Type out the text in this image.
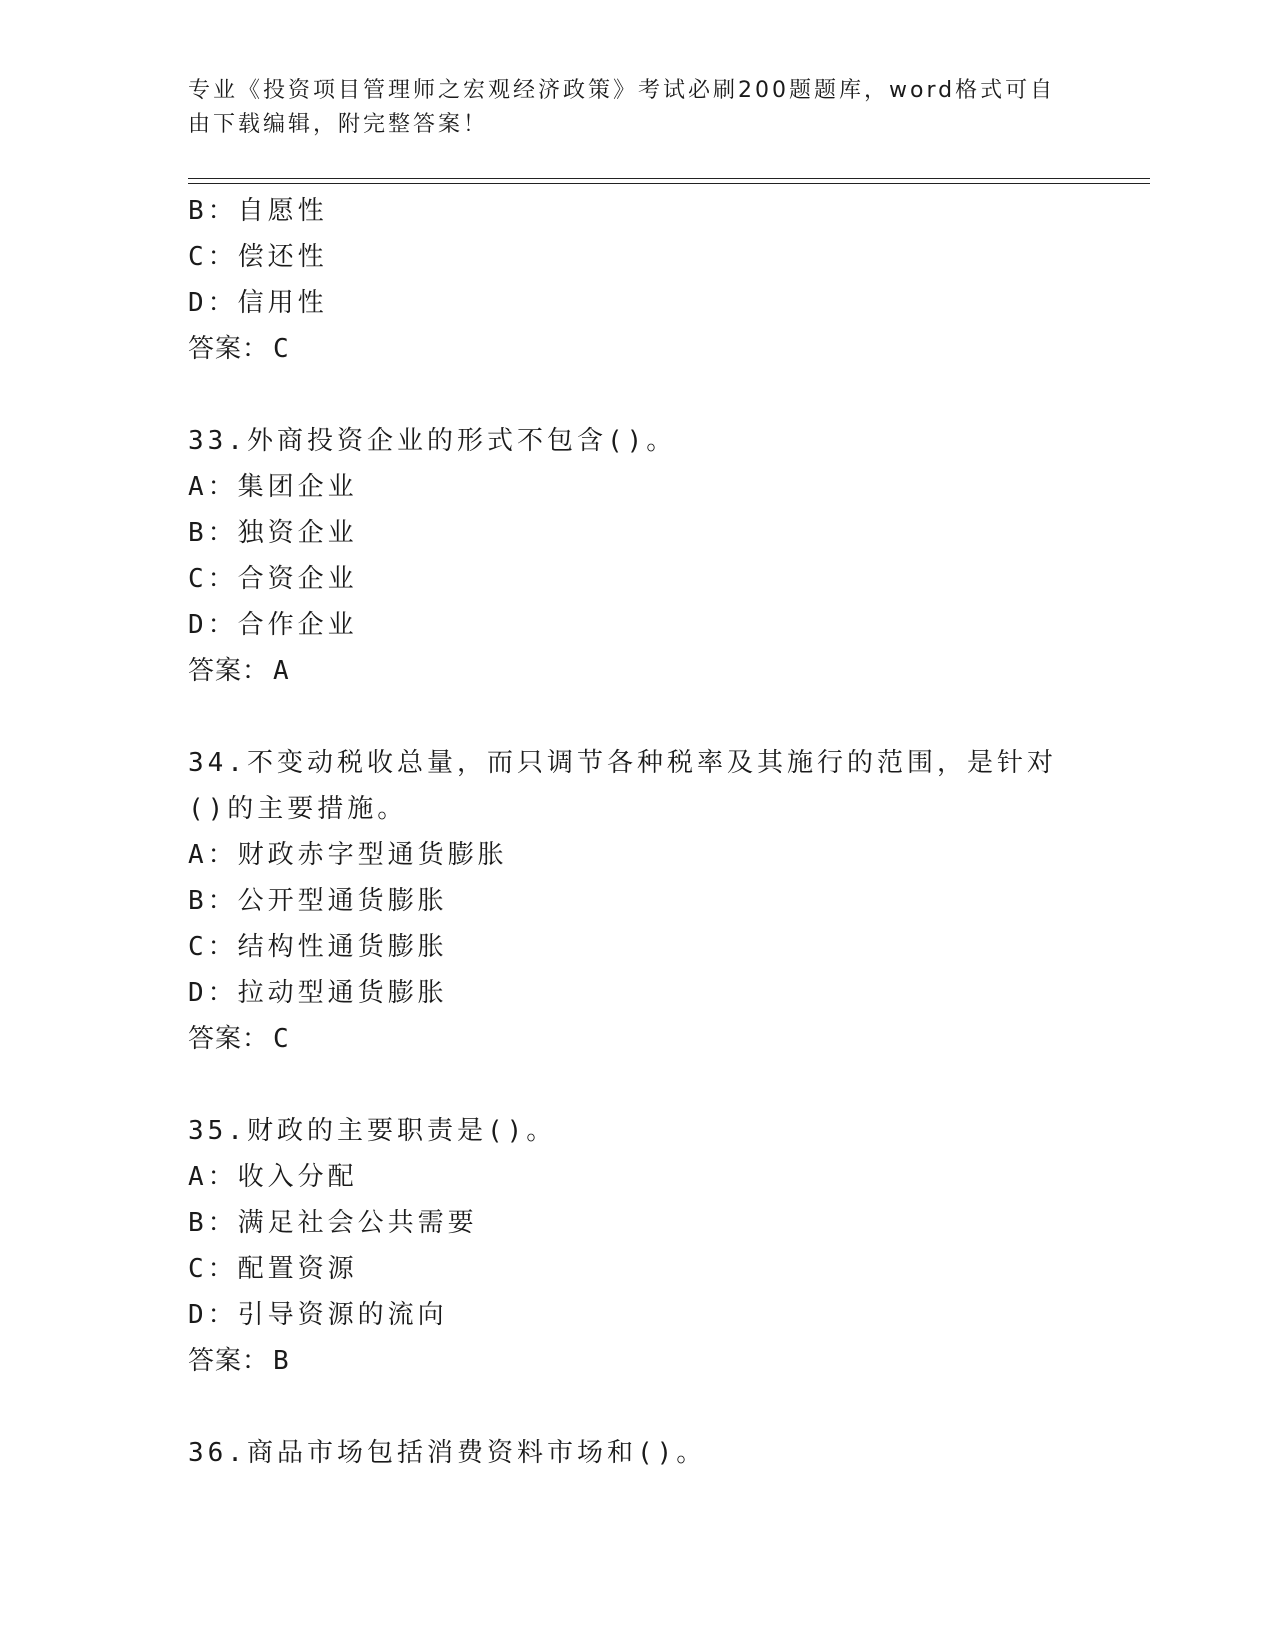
专业《投资项目管理师之宏观经济政策》考试必刷200题题库，word格式可自由下载编辑，附完整答案！
B：自愿性
C：偿还性
D：信用性
答案： C
33.外商投资企业的形式不包含()。
A：集团企业
B：独资企业
C：合资企业
D：合作企业
答案： A
34.不变动税收总量，而只调节各种税率及其施行的范围，是针对()的主要措施。
A：财政赤字型通货膨胀
B：公开型通货膨胀
C：结构性通货膨胀
D：拉动型通货膨胀
答案： C
35.财政的主要职责是()。
A：收入分配
B：满足社会公共需要
C：配置资源
D：引导资源的流向
答案： B
36.商品市场包括消费资料市场和()。
